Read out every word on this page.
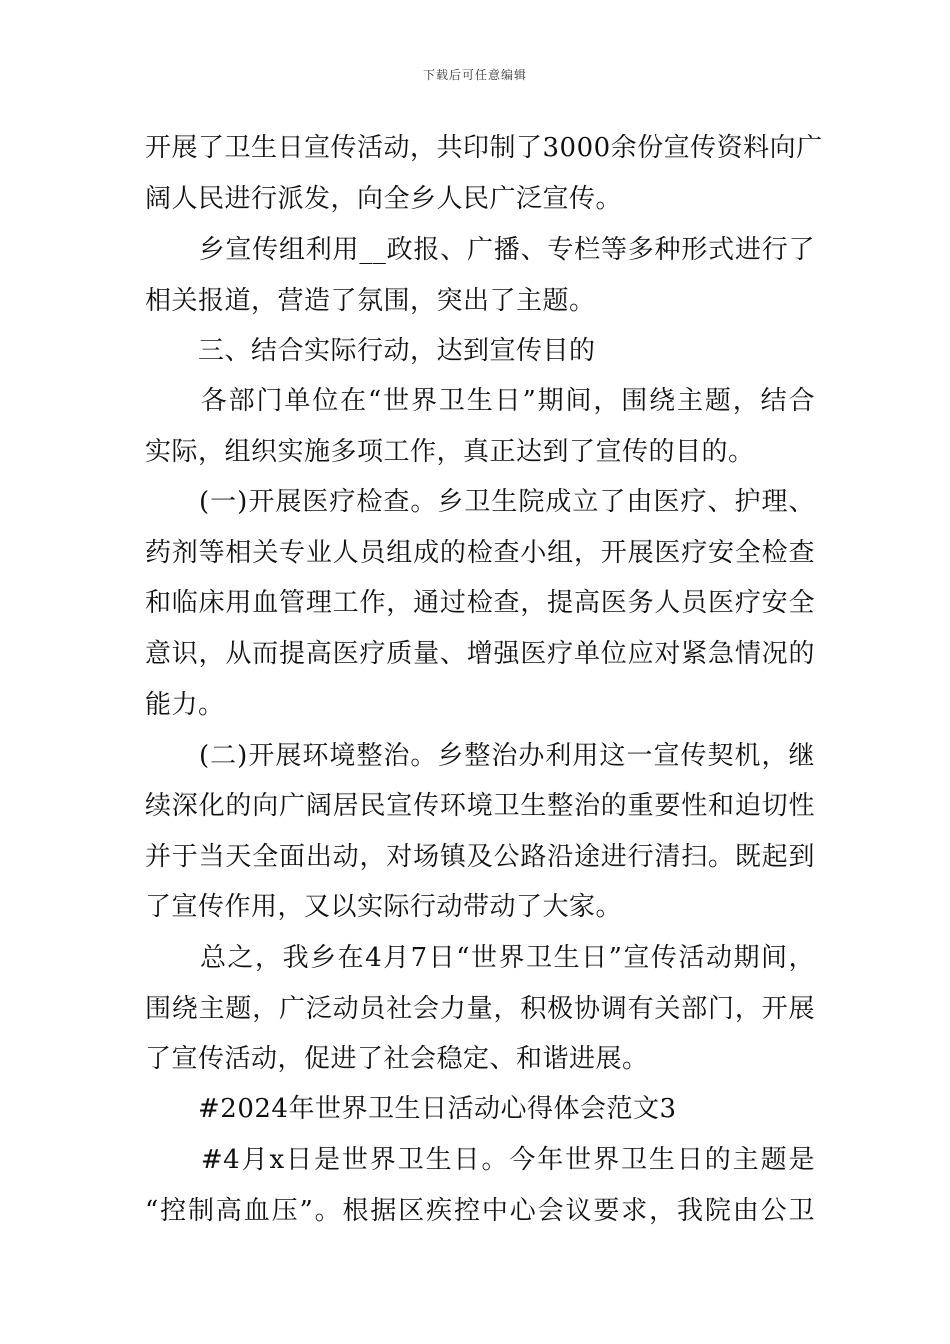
下载后可任意编辑
开展了卫生日宣传活动，共印制了3000余份宣传资料向广
阔人民进行派发，向全乡人民广泛宣传。
　　乡宣传组利用__政报、广播、专栏等多种形式进行了
相关报道，营造了氛围，突出了主题。
　　三、结合实际行动，达到宣传目的
　　各部门单位在“世界卫生日”期间，围绕主题，结合
实际，组织实施多项工作，真正达到了宣传的目的。
　　(一)开展医疗检查。乡卫生院成立了由医疗、护理、
药剂等相关专业人员组成的检查小组，开展医疗安全检查
和临床用血管理工作，通过检查，提高医务人员医疗安全
意识，从而提高医疗质量、增强医疗单位应对紧急情况的
能力。
　　(二)开展环境整治。乡整治办利用这一宣传契机，继
续深化的向广阔居民宣传环境卫生整治的重要性和迫切性
并于当天全面出动，对场镇及公路沿途进行清扫。既起到
了宣传作用，又以实际行动带动了大家。
　　总之，我乡在4月7日“世界卫生日”宣传活动期间，
围绕主题，广泛动员社会力量，积极协调有关部门，开展
了宣传活动，促进了社会稳定、和谐进展。
　　#2024年世界卫生日活动心得体会范文3
　　#4月x日是世界卫生日。今年世界卫生日的主题是
“控制高血压”。根据区疾控中心会议要求，我院由公卫
